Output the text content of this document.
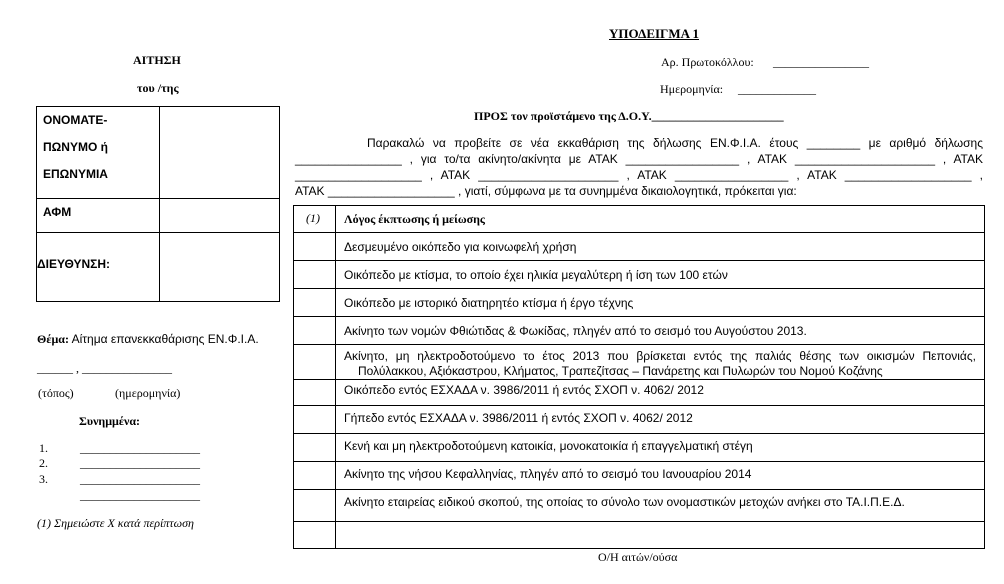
ΥΠΟΔΕΙΓΜΑ 1
Αρ. Πρωτοκόλλου: ________________
Ημερομηνία: _____________
ΑΙΤΗΣΗ
του /της
ΟΝΟΜΑΤΕ-
ΠΩΝΥΜΟ ή
ΕΠΩΝΥΜΙΑ
ΑΦΜ
ΔΙΕΥΘΥΝΣΗ:
Θέμα: Αίτημα επανεκκαθάρισης ΕΝ.Φ.Ι.Α.
______ , _______________
(τόπος)	(ημερομηνία)
Συνημμένα:
1.	____________________
2.	____________________
3.	____________________
____________________
(1) Σημειώστε Χ κατά περίπτωση
ΠΡΟΣ τον προϊστάμενο της Δ.Ο.Υ.______________________
Παρακαλώ να προβείτε σε νέα εκκαθάριση της δήλωσης ΕΝ.Φ.Ι.Α. έτους ________ με αριθμό δήλωσης
________________ , για το/τα ακίνητο/ακίνητα με ΑΤΑΚ _________________ , ΑΤΑΚ _____________________ , ΑΤΑΚ
___________________ , ΑΤΑΚ _____________________ , ΑΤΑΚ _________________ , ΑΤΑΚ ___________________ ,
ΑΤΑΚ ___________________ , γιατί, σύμφωνα με τα συνημμένα δικαιολογητικά, πρόκειται για:
(1) Λόγος έκπτωσης ή μείωσης
Δεσμευμένο οικόπεδο για κοινωφελή χρήση
Οικόπεδο με κτίσμα, το οποίο έχει ηλικία μεγαλύτερη ή ίση των 100 ετών
Οικόπεδο με ιστορικό διατηρητέο κτίσμα ή έργο τέχνης
Ακίνητο των νομών Φθιώτιδας & Φωκίδας, πληγέν από το σεισμό του Αυγούστου 2013.
Ακίνητο, μη ηλεκτροδοτούμενο το έτος 2013 που βρίσκεται εντός της παλιάς θέσης των οικισμών Πεπονιάς,
Πολύλακκου, Αξιόκαστρου, Κλήματος, Τραπεζίτσας – Πανάρετης και Πυλωρών του Νομού Κοζάνης
Οικόπεδο εντός ΕΣΧΑΔΑ ν. 3986/2011 ή εντός ΣΧΟΠ ν. 4062/ 2012
Γήπεδο εντός ΕΣΧΑΔΑ ν. 3986/2011 ή εντός ΣΧΟΠ ν. 4062/ 2012
Κενή και μη ηλεκτροδοτούμενη κατοικία, μονοκατοικία ή επαγγελματική στέγη
Ακίνητο της νήσου Κεφαλληνίας, πληγέν από το σεισμό του Ιανουαρίου 2014
Ακίνητο εταιρείας ειδικού σκοπού, της οποίας το σύνολο των ονομαστικών μετοχών ανήκει στο ΤΑ.Ι.Π.Ε.Δ.
Ο/Η αιτών/ούσα
